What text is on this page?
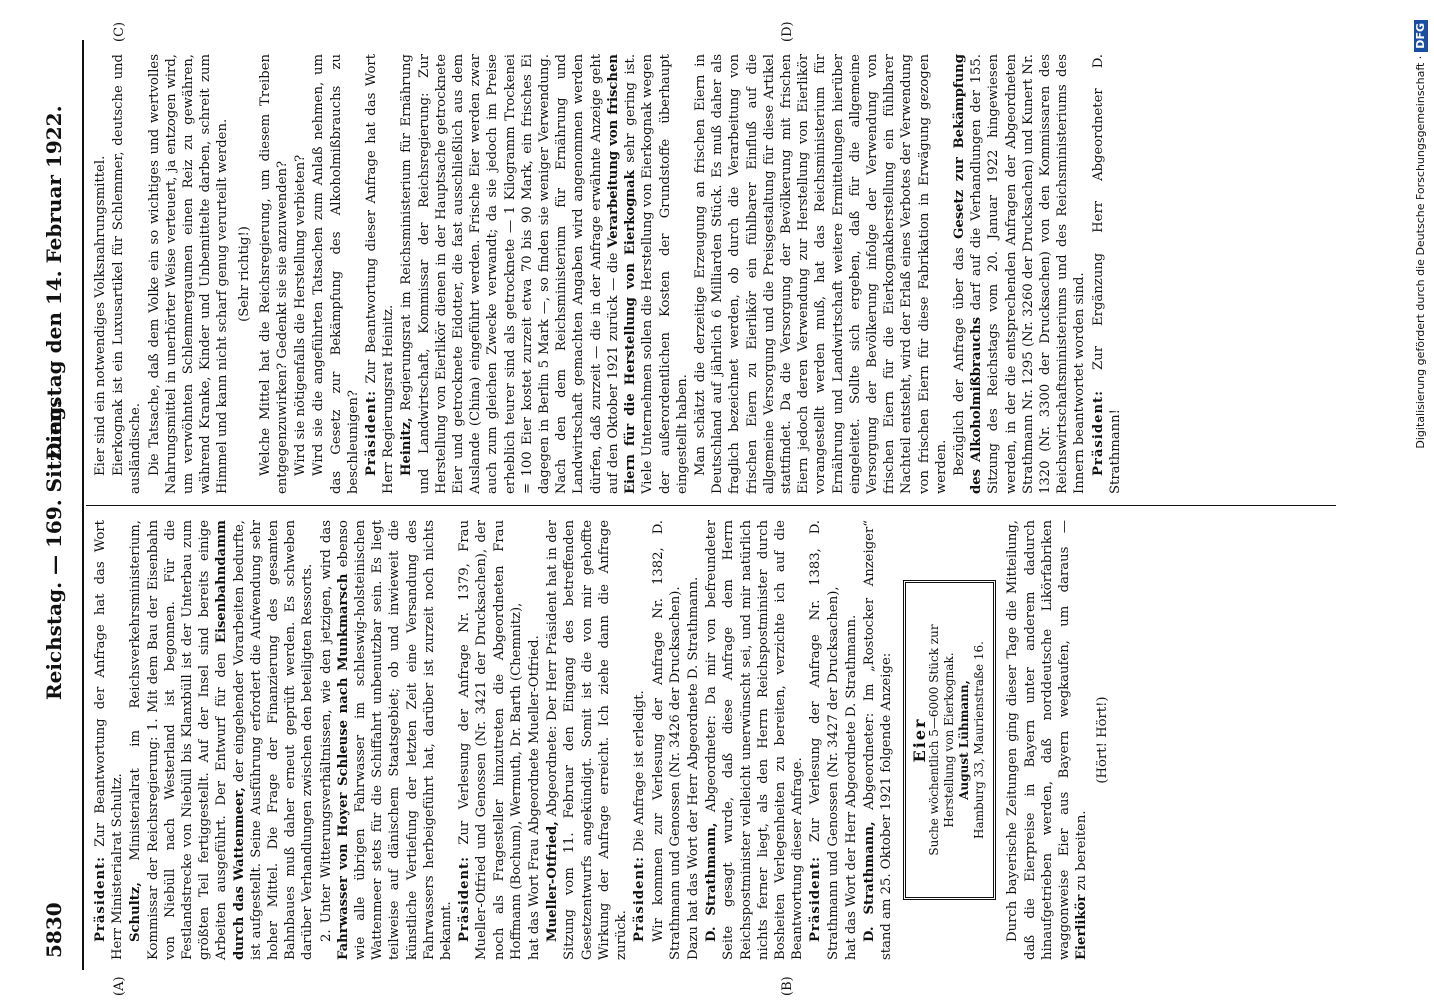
5830
Reichstag. — 169. Sitzung.
Dienstag den 14. Februar 1922.
(A)	(B)
(C)	(D)

Präsident: Zur Beantwortung der Anfrage hat das Wort Herr Ministerialrat Schultz. Schultz, Ministerialrat im Reichsverkehrsministerium, Kommissar der Reichsregierung: 1. Mit dem Bau der Eisenbahn von Niebüll nach Westerland ist begonnen. Für die Festlandstrecke von Niebüll bis Klanxbüll ist der Unterbau zum größten Teil fertiggestellt. Auf der Insel sind bereits einige Arbeiten ausgeführt. Der Entwurf für den Eisenbahndamm durch das Wattenmeer, der eingehender Vorarbeiten bedurfte, ist aufgestellt. Seine Ausführung erfordert die Aufwendung sehr hoher Mittel. Die Frage der Finanzierung des gesamten Bahnbaues muß daher erneut geprüft werden. Es schweben darüber Verhandlungen zwischen den beteiligten Ressorts. 2. Unter Witterungsverhältnissen, wie den jetzigen, wird das Fahrwasser von Hoyer Schleuse nach Munkmarsch ebenso wie alle übrigen Fahrwasser im schleswig-holsteinischen Wattenmeer stets für die Schiffahrt unbenutzbar sein. Es liegt teilweise auf dänischem Staatsgebiet; ob und inwieweit die künstliche Vertiefung der letzten Zeit eine Versandung des Fahrwassers herbeigeführt hat, darüber ist zurzeit noch nichts bekannt. Präsident: Zur Verlesung der Anfrage Nr. 1379, Frau Mueller-Otfried und Genossen (Nr. 3421 der Drucksachen), der noch als Fragesteller hinzutreten die Abgeordneten Frau Hoffmann (Bochum), Wermuth, Dr. Barth (Chemnitz), hat das Wort Frau Abgeordnete Mueller-Otfried. Mueller-Otfried, Abgeordnete: Der Herr Präsident hat in der Sitzung vom 11. Februar den Eingang des betreffenden Gesetzentwurfs angekündigt. Somit ist die von mir gehoffte Wirkung der Anfrage erreicht. Ich ziehe dann die Anfrage zurück. Präsident: Die Anfrage ist erledigt. Wir kommen zur Verlesung der Anfrage Nr. 1382, D. Strathmann und Genossen (Nr. 3426 der Drucksachen). Dazu hat das Wort der Herr Abgeordnete D. Strathmann. D. Strathmann, Abgeordneter: Da mir von befreundeter Seite gesagt wurde, daß diese Anfrage dem Herrn Reichspostminister vielleicht unerwünscht sei, und mir natürlich nichts ferner liegt, als den Herrn Reichspostminister durch Bosheiten Verlegenheiten zu bereiten, verzichte ich auf die Beantwortung dieser Anfrage. Präsident: Zur Verlesung der Anfrage Nr. 1383, D. Strathmann und Genossen (Nr. 3427 der Drucksachen), hat das Wort der Herr Abgeordnete D. Strathmann. D. Strathmann, Abgeordneter: Im „Rostocker Anzeiger“ stand am 25. Oktober 1921 folgende Anzeige: Eier
Suche wöchentlich 5—6000 Stück zur Herstellung von Eierkognak. August Lühmann, Hamburg 33, Maurienstraße 16. Durch bayerische Zeitungen ging dieser Tage die Mitteilung, daß die Eierpreise in Bayern unter anderem dadurch hinaufgetrieben werden, daß norddeutsche Likörfabriken waggonweise Eier aus Bayern wegkaufen, um daraus — Eierlikör zu bereiten.

(Hört! Hört!)

Eier sind ein notwendiges Volksnahrungsmittel. Eierkognak ist ein Luxusartikel für Schlemmer, deutsche und ausländische. Die Tatsache, daß dem Volke ein so wichtiges und wertvolles Nahrungsmittel in unerhörter Weise verteuert, ja entzogen wird, um verwöhnten Schlemmergaumen einen Reiz zu gewähren, während Kranke, Kinder und Unbemittelte darben, schreit zum Himmel und kann nicht scharf genug verurteilt werden. (Sehr richtig!) Welche Mittel hat die Reichsregierung, um diesem Treiben entgegenzuwirken? Gedenkt sie sie anzuwenden? Wird sie nötigenfalls die Herstellung verbieten? Wird sie die angeführten Tatsachen zum Anlaß nehmen, um das Gesetz zur Bekämpfung des Alkoholmißbrauchs zu beschleunigen? Präsident: Zur Beantwortung dieser Anfrage hat das Wort Herr Regierungsrat Heinitz. Heinitz, Regierungsrat im Reichsministerium für Ernährung und Landwirtschaft, Kommissar der Reichsregierung: Zur Herstellung von Eierlikör dienen in der Hauptsache getrocknete Eier und getrocknete Eidotter, die fast ausschließlich aus dem Auslande (China) eingeführt werden. Frische Eier werden zwar auch zum gleichen Zwecke verwandt; da sie jedoch im Preise erheblich teurer sind als getrocknete — 1 Kilogramm Trockenei = 100 Eier kostet zurzeit etwa 70 bis 90 Mark, ein frisches Ei dagegen in Berlin 5 Mark —, so finden sie weniger Verwendung. Nach den dem Reichsministerium für Ernährung und Landwirtschaft gemachten Angaben wird angenommen werden dürfen, daß zurzeit — die in der Anfrage erwähnte Anzeige geht auf den Oktober 1921 zurück — die Verarbeitung von frischen Eiern für die Herstellung von Eierkognak sehr gering ist. Viele Unternehmen sollen die Herstellung von Eierkognak wegen der außerordentlichen Kosten der Grundstoffe überhaupt eingestellt haben. Man schätzt die derzeitige Erzeugung an frischen Eiern in Deutschland auf jährlich 6 Milliarden Stück. Es muß daher als fraglich bezeichnet werden, ob durch die Verarbeitung von frischen Eiern zu Eierlikör ein fühlbarer Einfluß auf die allgemeine Versorgung und die Preisgestaltung für diese Artikel stattfindet. Da die Versorgung der Bevölkerung mit frischen Eiern jedoch deren Verwendung zur Herstellung von Eierlikör vorangestellt werden muß, hat das Reichsministerium für Ernährung und Landwirtschaft weitere Ermittelungen hierüber eingeleitet. Sollte sich ergeben, daß für die allgemeine Versorgung der Bevölkerung infolge der Verwendung von frischen Eiern für die Eierkognakherstellung ein fühlbarer Nachteil entsteht, wird der Erlaß eines Verbotes der Verwendung von frischen Eiern für diese Fabrikation in Erwägung gezogen werden. Bezüglich der Anfrage über das Gesetz zur Bekämpfung des Alkoholmißbrauchs darf auf die Verhandlungen der 155. Sitzung des Reichstags vom 20. Januar 1922 hingewiesen werden, in der die entsprechenden Anfragen der Abgeordneten Strathmann Nr. 1295 (Nr. 3260 der Drucksachen) und Kunert Nr. 1320 (Nr. 3300 der Drucksachen) von den Kommissaren des Reichswirtschaftsministeriums und des Reichsministeriums des Innern beantwortet worden sind. Präsident: Zur Ergänzung Herr Abgeordneter D. Strathmann!

Digitalisierung gefördert durch die Deutsche Forschungsgemeinschaft ·DFG
